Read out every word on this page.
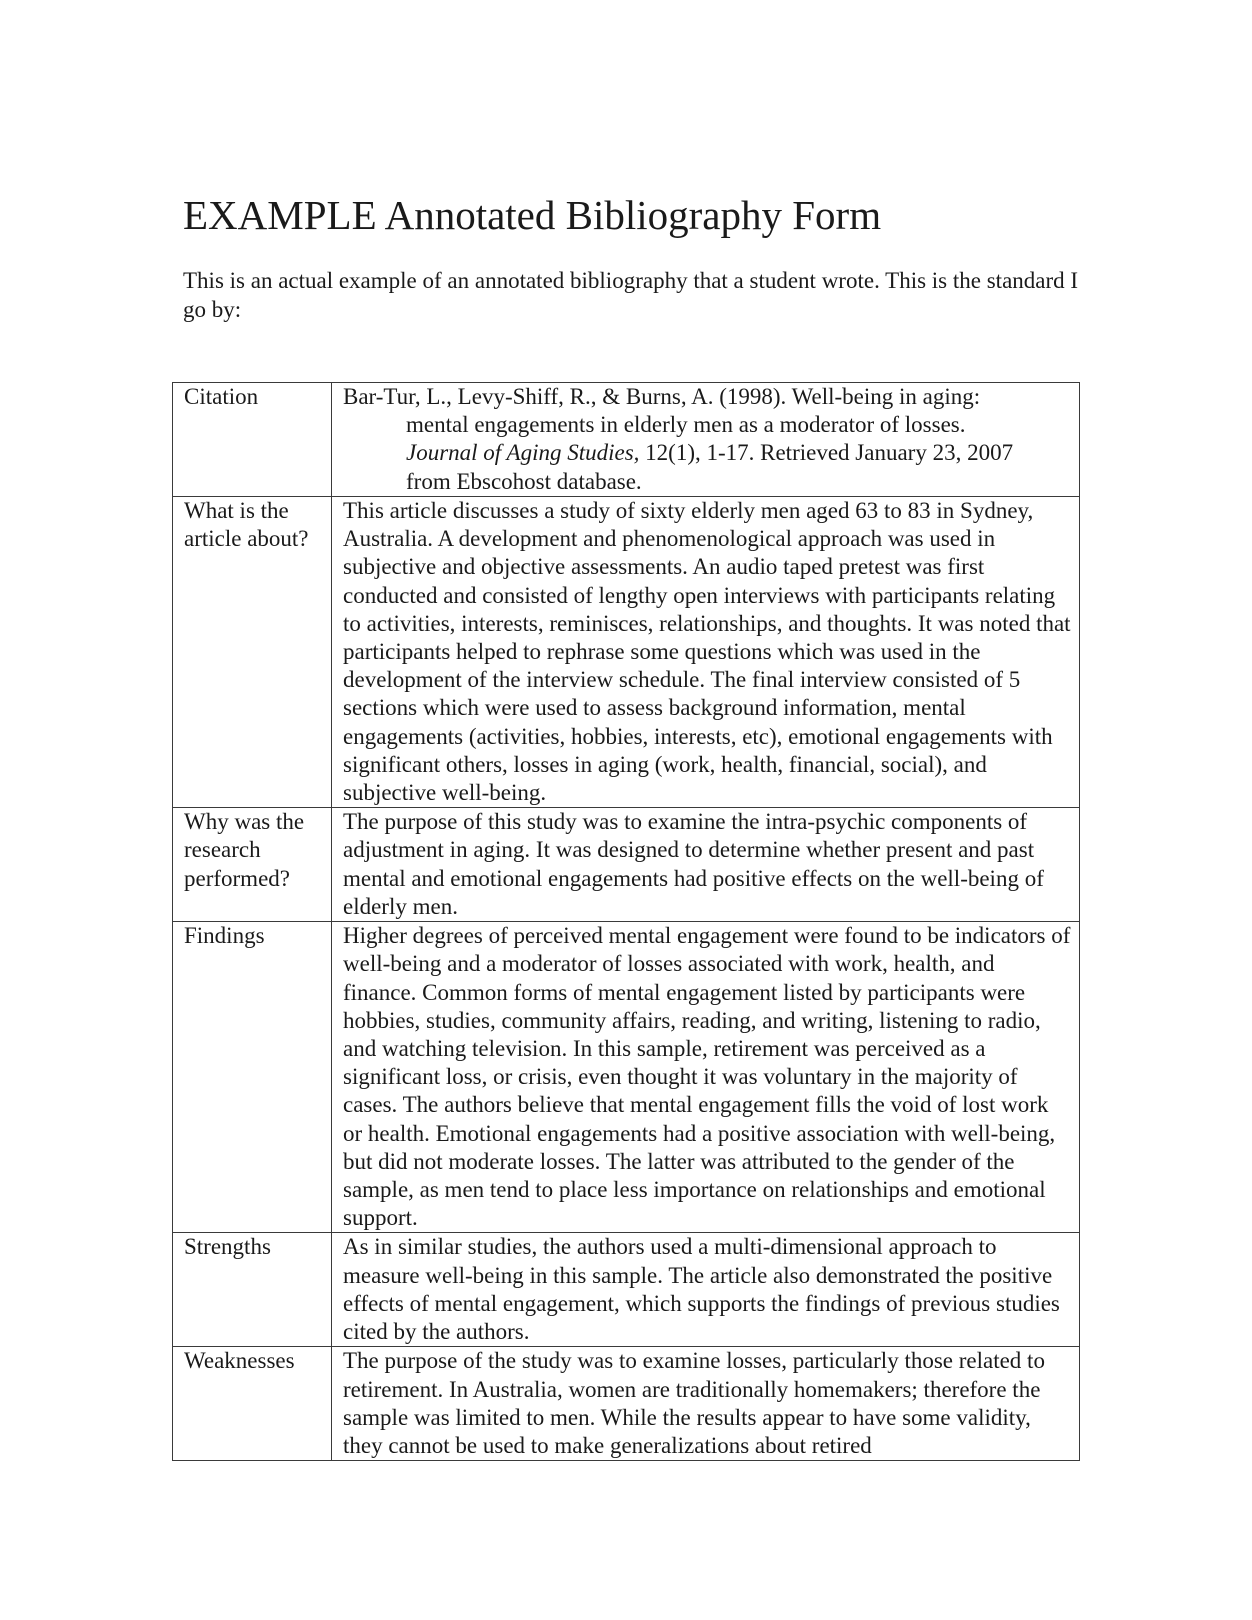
EXAMPLE Annotated Bibliography Form

This is an actual example of an annotated bibliography that a student wrote. This is the standard I go by:

Citation	Bar-Tur, L., Levy-Shiff, R., & Burns, A. (1998). Well-being in aging:
mental engagements in elderly men as a moderator of losses.
Journal of Aging Studies, 12(1), 1-17. Retrieved January 23, 2007
from Ebscohost database.

What is the article about?	This article discusses a study of sixty elderly men aged 63 to 83 in Sydney, Australia. A development and phenomenological approach was used in subjective and objective assessments. An audio taped pretest was first conducted and consisted of lengthy open interviews with participants relating to activities, interests, reminisces, relationships, and thoughts. It was noted that participants helped to rephrase some questions which was used in the development of the interview schedule. The final interview consisted of 5 sections which were used to assess background information, mental engagements (activities, hobbies, interests, etc), emotional engagements with significant others, losses in aging (work, health, financial, social), and subjective well-being.
Why was the research performed?	The purpose of this study was to examine the intra-psychic components of adjustment in aging. It was designed to determine whether present and past mental and emotional engagements had positive effects on the well-being of elderly men.
Findings	Higher degrees of perceived mental engagement were found to be indicators of well-being and a moderator of losses associated with work, health, and finance. Common forms of mental engagement listed by participants were hobbies, studies, community affairs, reading, and writing, listening to radio, and watching television. In this sample, retirement was perceived as a significant loss, or crisis, even thought it was voluntary in the majority of cases. The authors believe that mental engagement fills the void of lost work or health. Emotional engagements had a positive association with well-being, but did not moderate losses. The latter was attributed to the gender of the sample, as men tend to place less importance on relationships and emotional support.
Strengths	As in similar studies, the authors used a multi-dimensional approach to measure well-being in this sample. The article also demonstrated the positive effects of mental engagement, which supports the findings of previous studies cited by the authors.
Weaknesses	The purpose of the study was to examine losses, particularly those related to retirement. In Australia, women are traditionally homemakers; therefore the sample was limited to men. While the results appear to have some validity, they cannot be used to make generalizations about retired
